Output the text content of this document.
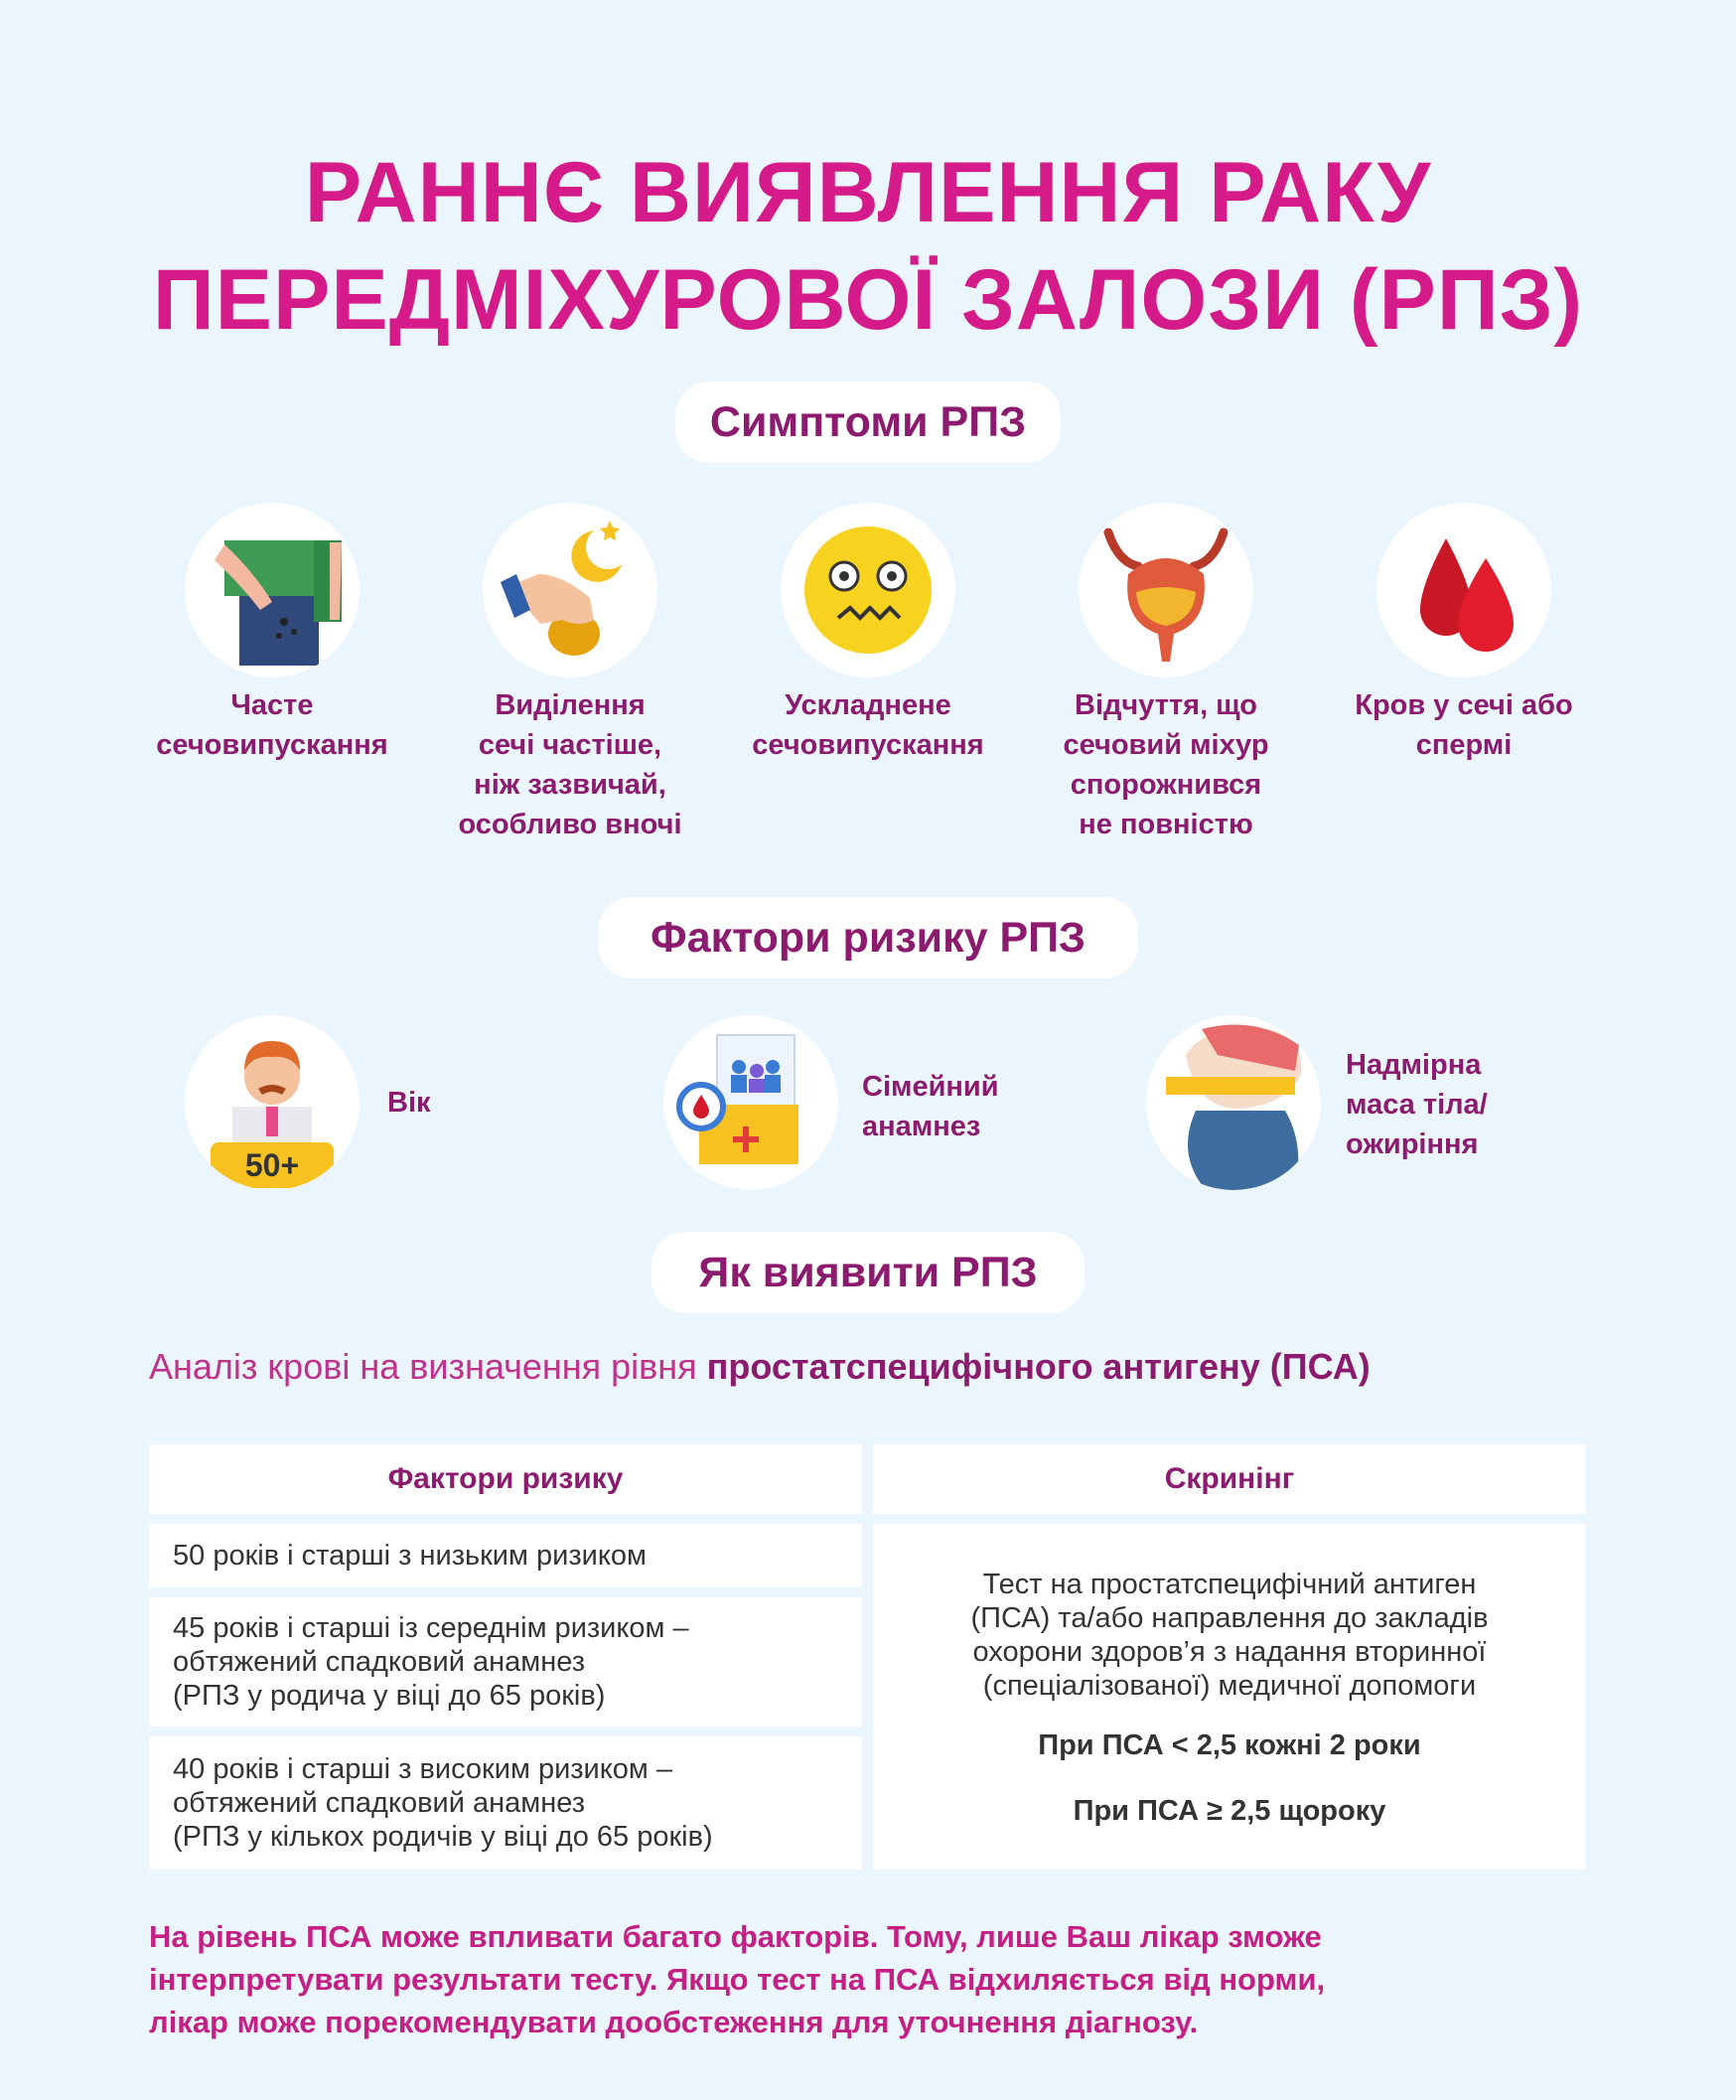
РАННЄ ВИЯВЛЕННЯ РАКУ
ПЕРЕДМІХУРОВОЇ ЗАЛОЗИ (РПЗ)
Симптоми РПЗ
Часте
сечовипускання
Виділення
сечі частіше,
ніж зазвичай,
особливо вночі
Ускладнене
сечовипускання
Відчуття, що
сечовий міхур
спорожнився
не повністю
Кров у сечі або
спермі
Фактори ризику РПЗ
50+
Вік	Сімейний
анамнез
Надмірна
маса тіла/
ожиріння
Як виявити РПЗ
Аналіз крові на визначення рівня простатспецифічного антигену (ПСА)
Фактори ризику	Скринінг
50 років і старші з низьким ризиком
45 років і старші із середнім ризиком –
обтяжений спадковий анамнез
(РПЗ у родича у віці до 65 років)
40 років і старші з високим ризиком –
обтяжений спадковий анамнез
(РПЗ у кількох родичів у віці до 65 років)
Тест на простатспецифічний антиген
(ПСА) та/або направлення до закладів
охорони здоров’я з надання вторинної
(спеціалізованої) медичної допомоги
При ПСА < 2,5 кожні 2 роки
При ПСА ≥ 2,5 щороку
На рівень ПСА може впливати багато факторів. Тому, лише Ваш лікар зможе
інтерпретувати результати тесту. Якщо тест на ПСА відхиляється від норми,
лікар може порекомендувати дообстеження для уточнення діагнозу.
